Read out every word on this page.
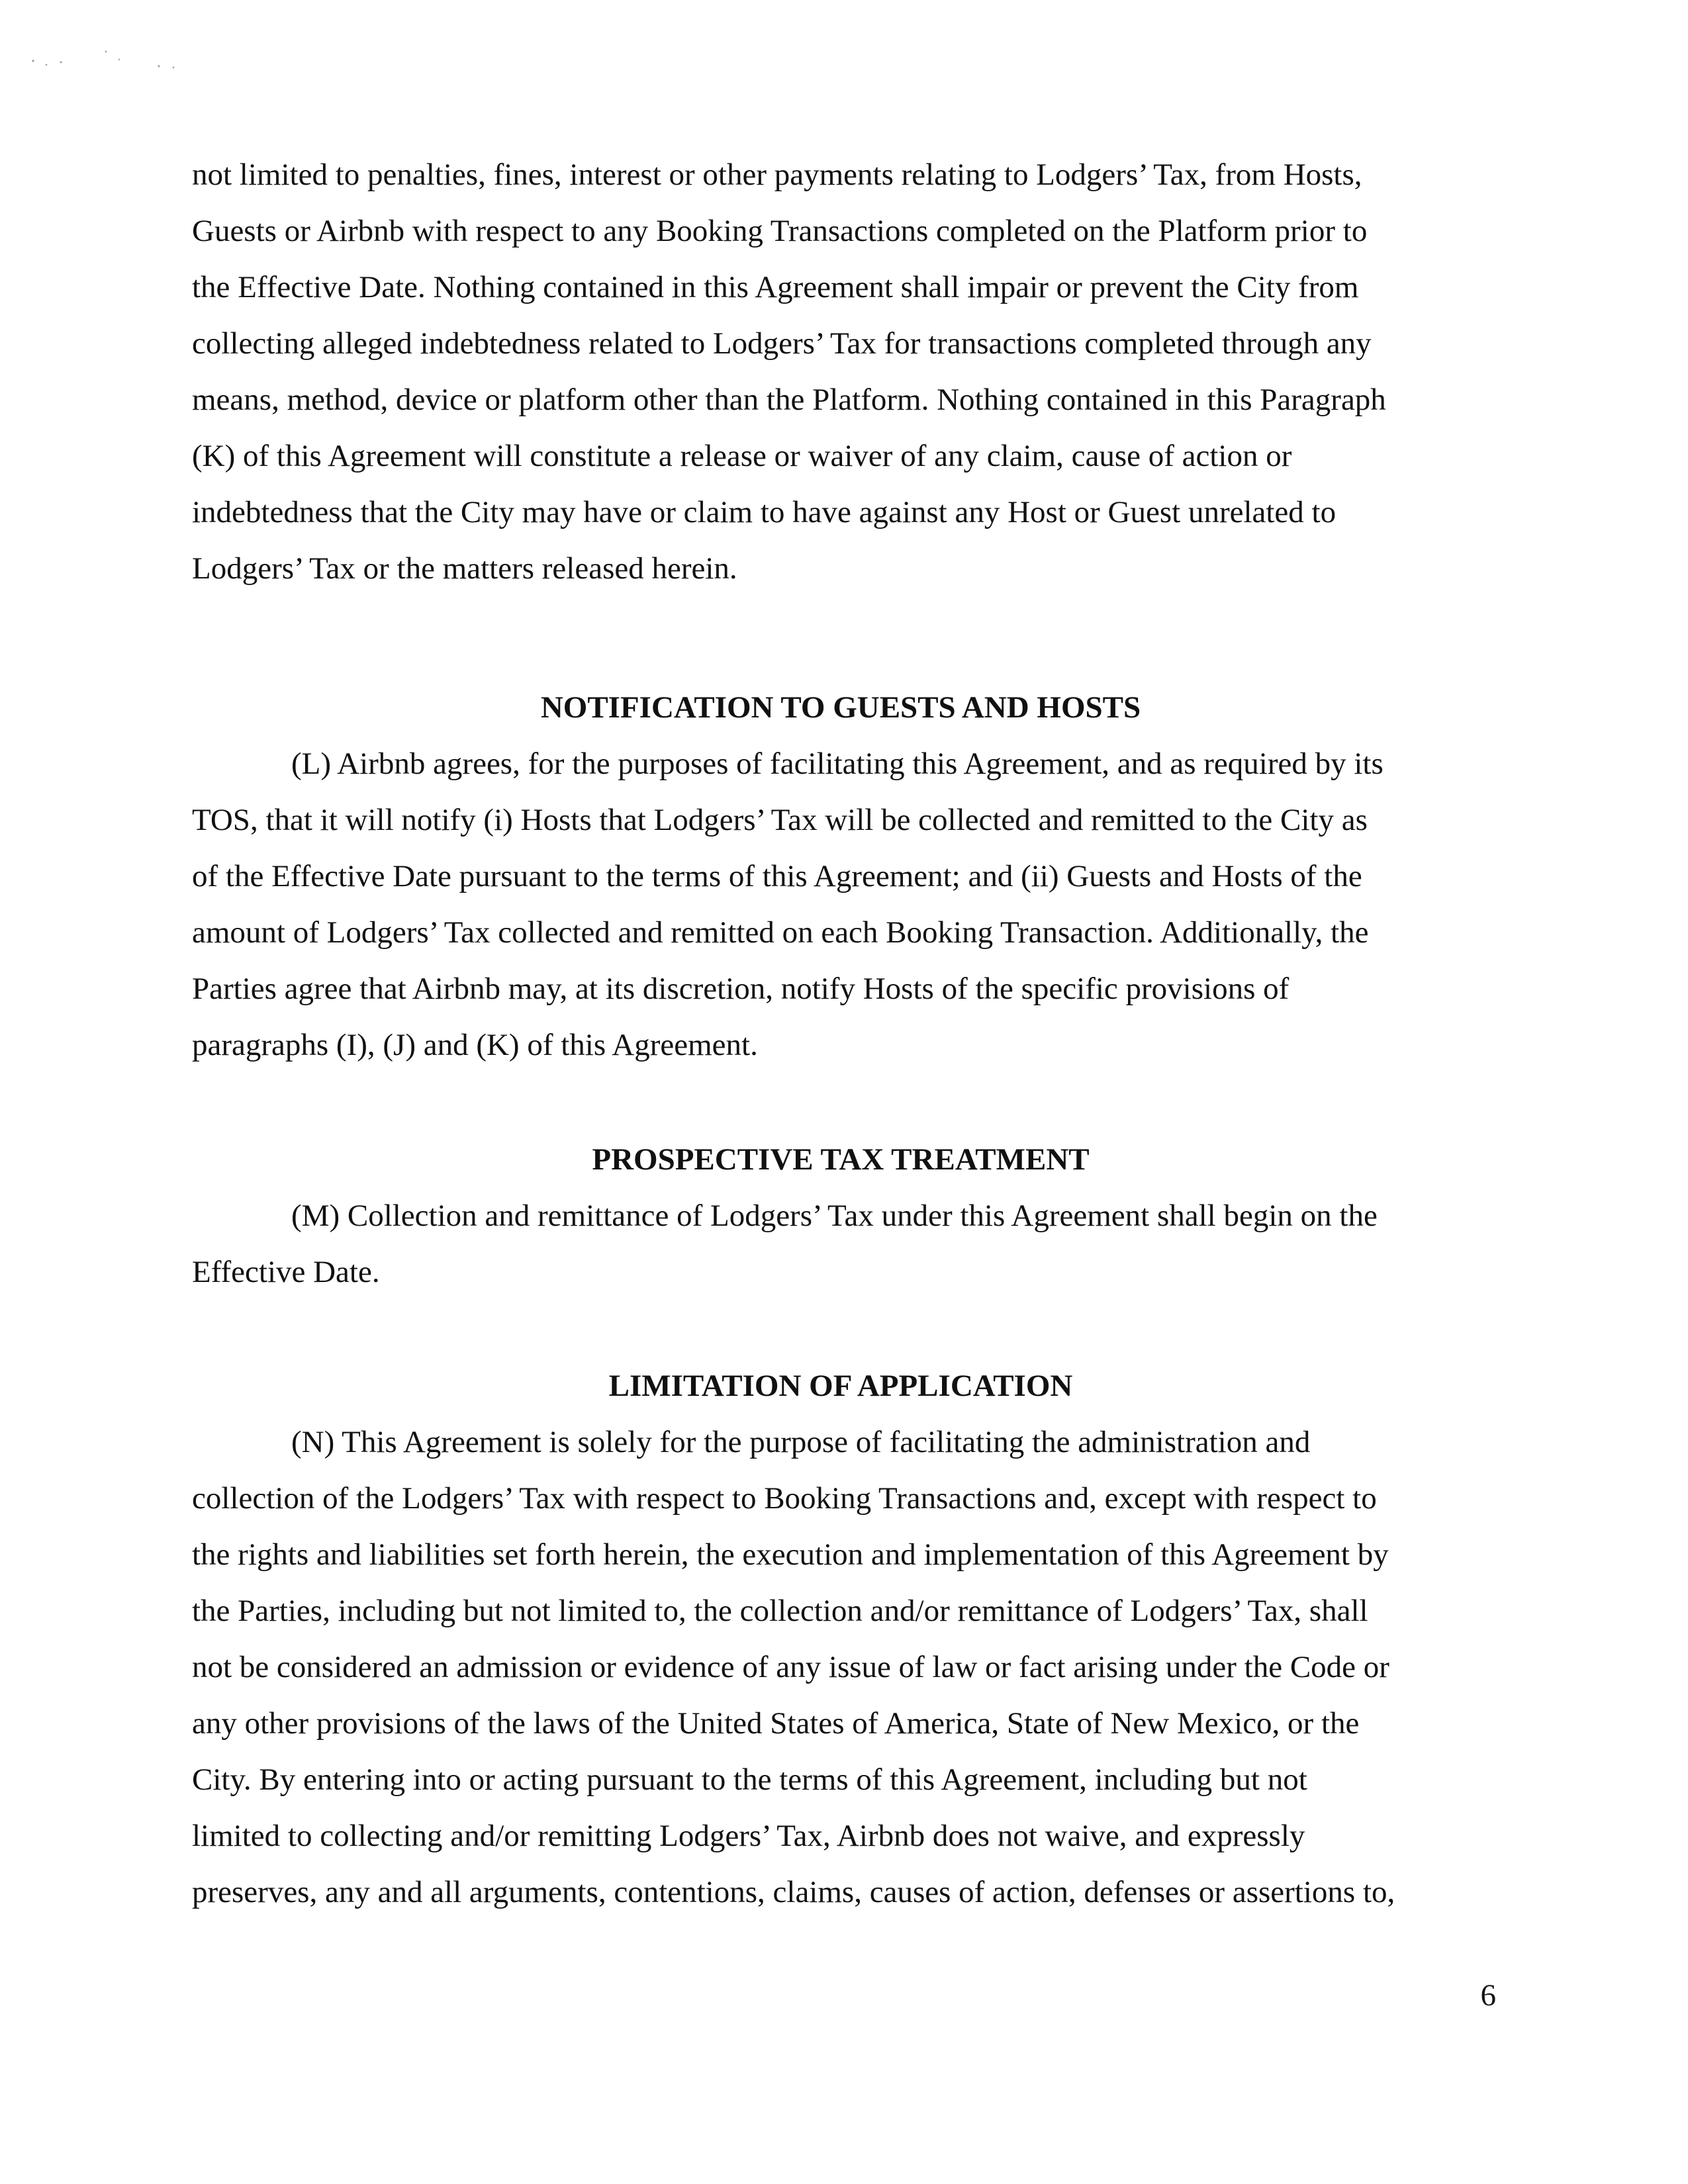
not limited to penalties, fines, interest or other payments relating to Lodgers’ Tax, from Hosts,
Guests or Airbnb with respect to any Booking Transactions completed on the Platform prior to
the Effective Date. Nothing contained in this Agreement shall impair or prevent the City from
collecting alleged indebtedness related to Lodgers’ Tax for transactions completed through any
means, method, device or platform other than the Platform. Nothing contained in this Paragraph
(K) of this Agreement will constitute a release or waiver of any claim, cause of action or
indebtedness that the City may have or claim to have against any Host or Guest unrelated to
Lodgers’ Tax or the matters released herein.
NOTIFICATION TO GUESTS AND HOSTS
(L) Airbnb agrees, for the purposes of facilitating this Agreement, and as required by its
TOS, that it will notify (i) Hosts that Lodgers’ Tax will be collected and remitted to the City as
of the Effective Date pursuant to the terms of this Agreement; and (ii) Guests and Hosts of the
amount of Lodgers’ Tax collected and remitted on each Booking Transaction. Additionally, the
Parties agree that Airbnb may, at its discretion, notify Hosts of the specific provisions of
paragraphs (I), (J) and (K) of this Agreement.
PROSPECTIVE TAX TREATMENT
(M) Collection and remittance of Lodgers’ Tax under this Agreement shall begin on the
Effective Date.
LIMITATION OF APPLICATION
(N) This Agreement is solely for the purpose of facilitating the administration and
collection of the Lodgers’ Tax with respect to Booking Transactions and, except with respect to
the rights and liabilities set forth herein, the execution and implementation of this Agreement by
the Parties, including but not limited to, the collection and/or remittance of Lodgers’ Tax, shall
not be considered an admission or evidence of any issue of law or fact arising under the Code or
any other provisions of the laws of the United States of America, State of New Mexico, or the
City. By entering into or acting pursuant to the terms of this Agreement, including but not
limited to collecting and/or remitting Lodgers’ Tax, Airbnb does not waive, and expressly
preserves, any and all arguments, contentions, claims, causes of action, defenses or assertions to,
6
